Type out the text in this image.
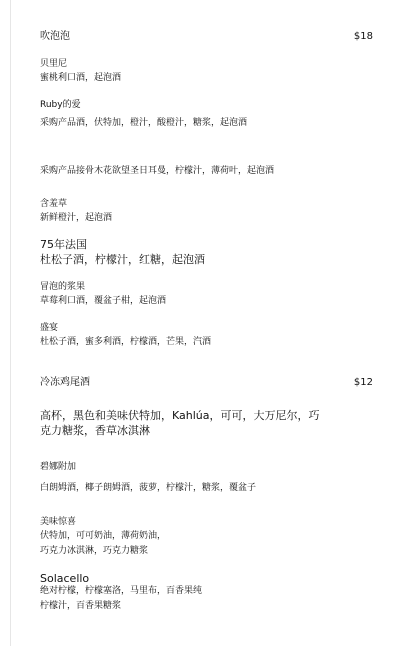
吹泡泡	$18
贝里尼
蜜桃利口酒，起泡酒
Ruby的爱
采购产品酒，伏特加，橙汁，酸橙汁，糖浆，起泡酒
采购产品接骨木花欲望圣日耳曼，柠檬汁，薄荷叶，起泡酒
含羞草
新鲜橙汁，起泡酒
75年法国
杜松子酒，柠檬汁，红糖，起泡酒
冒泡的浆果
草莓利口酒，覆盆子柑，起泡酒
盛宴
杜松子酒，蜜多利酒，柠檬酒，芒果，汽酒
冷冻鸡尾酒	$12
高杯，黑色和美味伏特加，Kahlúa，可可，大万尼尔，巧克力糖浆，香草冰淇淋
碧娜附加
白朗姆酒，椰子朗姆酒，菠萝，柠檬汁，糖浆，覆盆子
美味惊喜
伏特加，可可奶油，薄荷奶油，
巧克力冰淇淋，巧克力糖浆
Solacello
绝对柠檬，柠檬塞洛，马里布，百香果纯
柠檬汁，百香果糖浆
